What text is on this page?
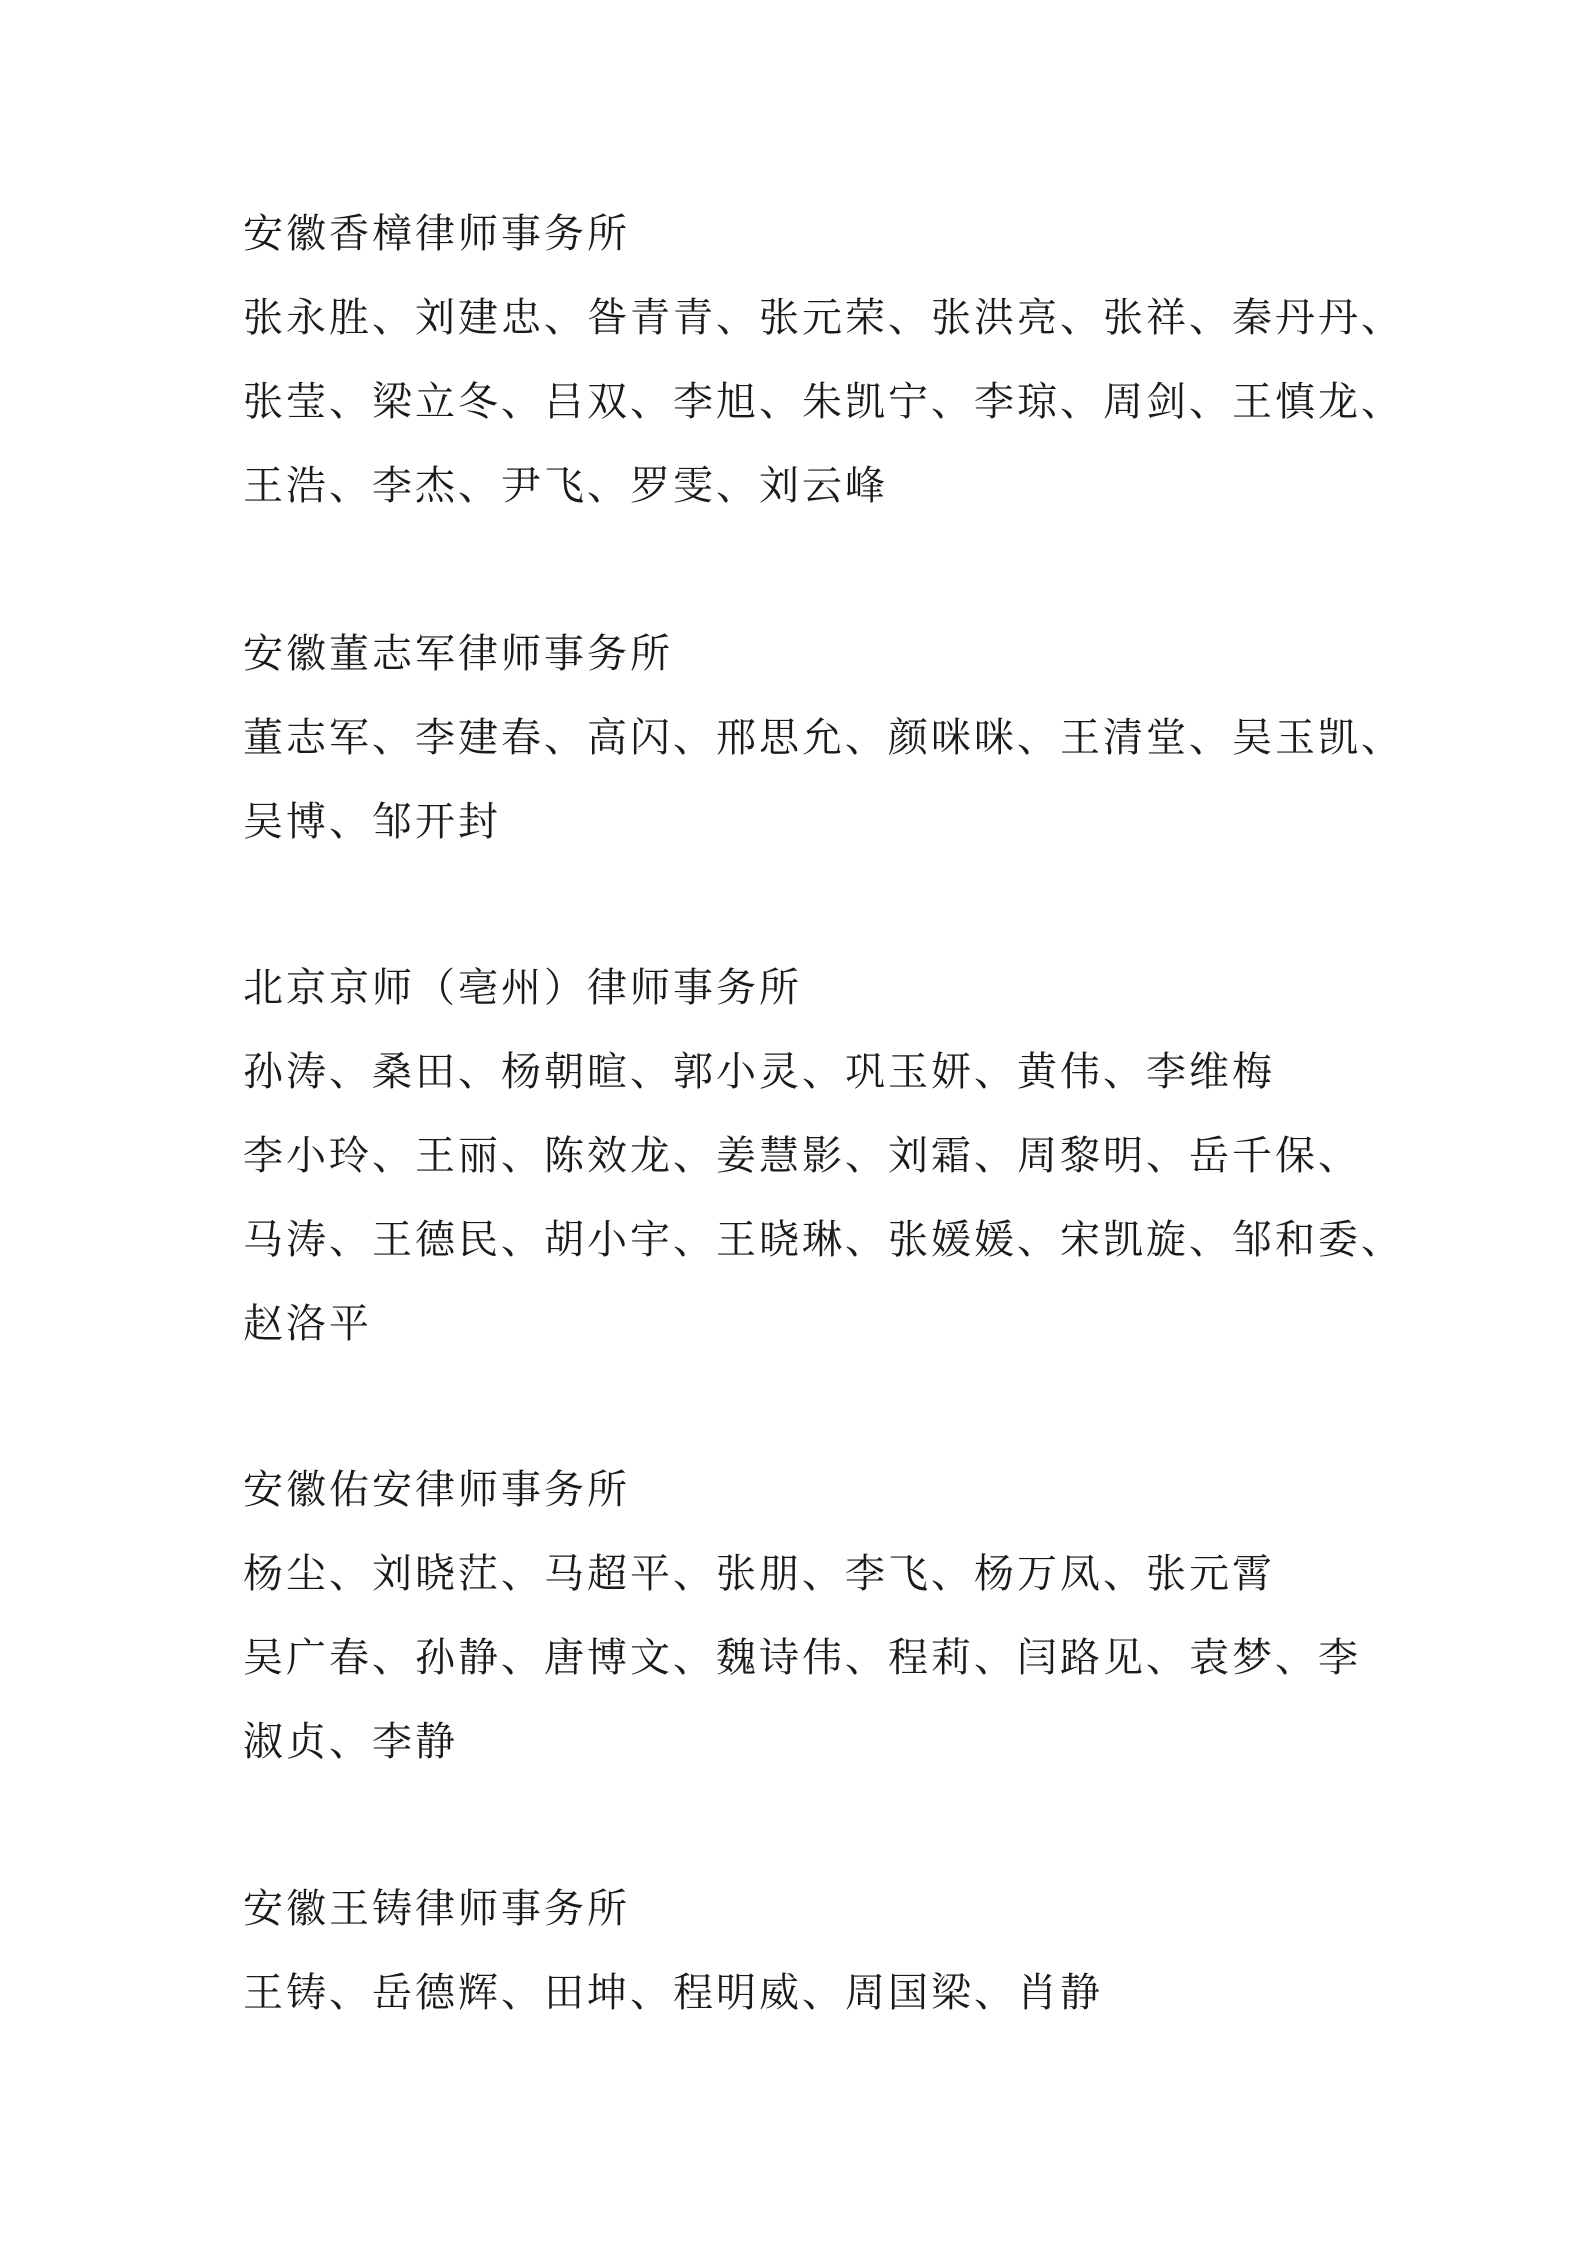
安徽香樟律师事务所
张永胜、刘建忠、昝青青、张元荣、张洪亮、张祥、秦丹丹、
张莹、梁立冬、吕双、李旭、朱凯宁、李琼、周剑、王慎龙、
王浩、李杰、尹飞、罗雯、刘云峰
安徽董志军律师事务所
董志军、李建春、高闪、邢思允、颜咪咪、王清堂、吴玉凯、
吴博、邹开封
北京京师（亳州）律师事务所
孙涛、桑田、杨朝暄、郭小灵、巩玉妍、黄伟、李维梅
李小玲、王丽、陈效龙、姜慧影、刘霜、周黎明、岳千保、
马涛、王德民、胡小宇、王晓琳、张媛媛、宋凯旋、邹和委、
赵洛平
安徽佑安律师事务所
杨尘、刘晓茳、马超平、张朋、李飞、杨万凤、张元霄
吴广春、孙静、唐博文、魏诗伟、程莉、闫路见、袁梦、李
淑贞、李静
安徽王铸律师事务所
王铸、岳德辉、田坤、程明威、周国梁、肖静
